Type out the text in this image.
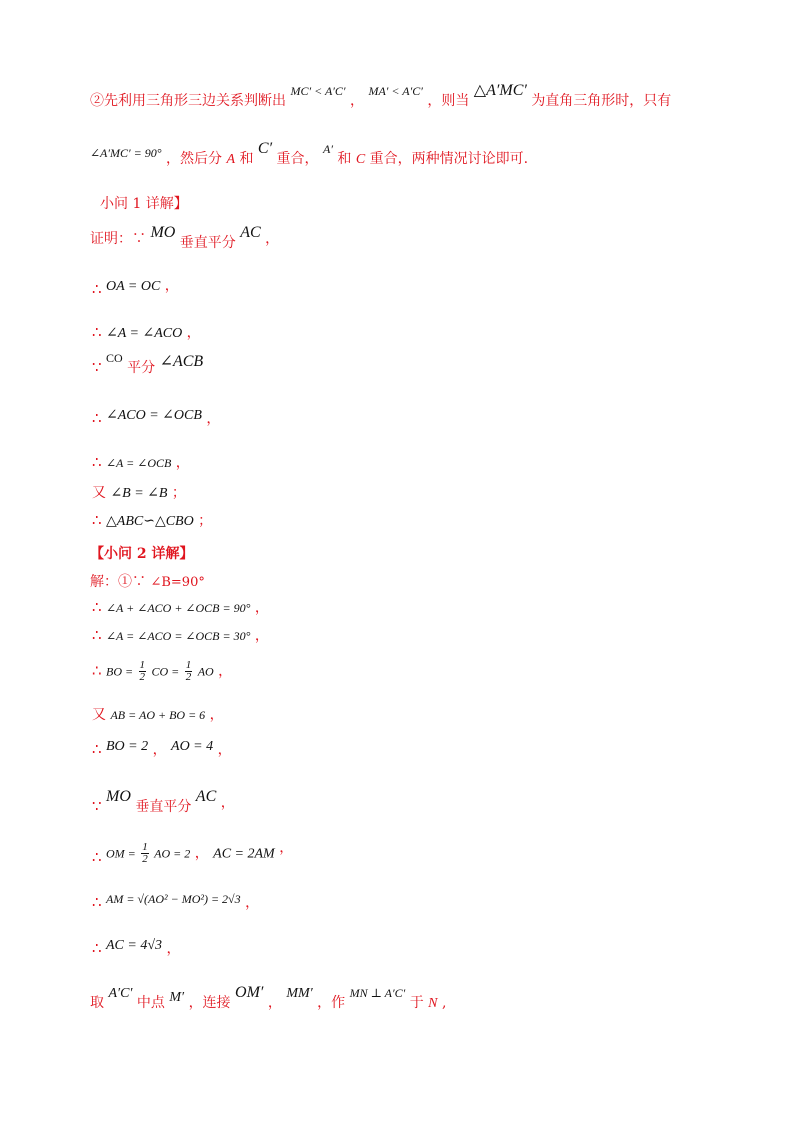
②先利用三角形三边关系判断出 MC′ < A′C′ ， MA′ < A′C′ ，则当 △A′MC′ 为直角三角形时，只有
∠A′MC′ = 90° ，然后分 A 和 C′ 重合， A′ 和 C 重合，两种情况讨论即可.
小问 1 详解】
证明：∵ MO 垂直平分 AC ，
∴ OA = OC ，
∴ ∠A = ∠ACO ，
∵ CO 平分 ∠ACB
∴ ∠ACO = ∠OCB ，
∴ ∠A = ∠OCB ，
又 ∠B = ∠B ；
∴ △ABC∽△CBO ；
【小问 2 详解】
解：①∵ ∠B=90°
∴ ∠A + ∠ACO + ∠OCB = 90° ，
∴ ∠A = ∠ACO = ∠OCB = 30° ，
∴ BO = $\frac{1}{2}$ CO = $\frac{1}{2}$ AO ，
又 AB = AO + BO = 6 ，
∴ BO = 2 ， AO = 4 ，
∵ MO 垂直平分 AC ，
∴ OM = $\frac{1}{2}$ AO = 2 ， AC = 2AM ，
∴ AM = √(AO² − MO²) = 2√3 ，
∴ AC = 4√3 ，
取 A′C′ 中点 M′ ，连接 OM′ ， MM′ ，作 MN ⊥ A′C′ 于 N ,
